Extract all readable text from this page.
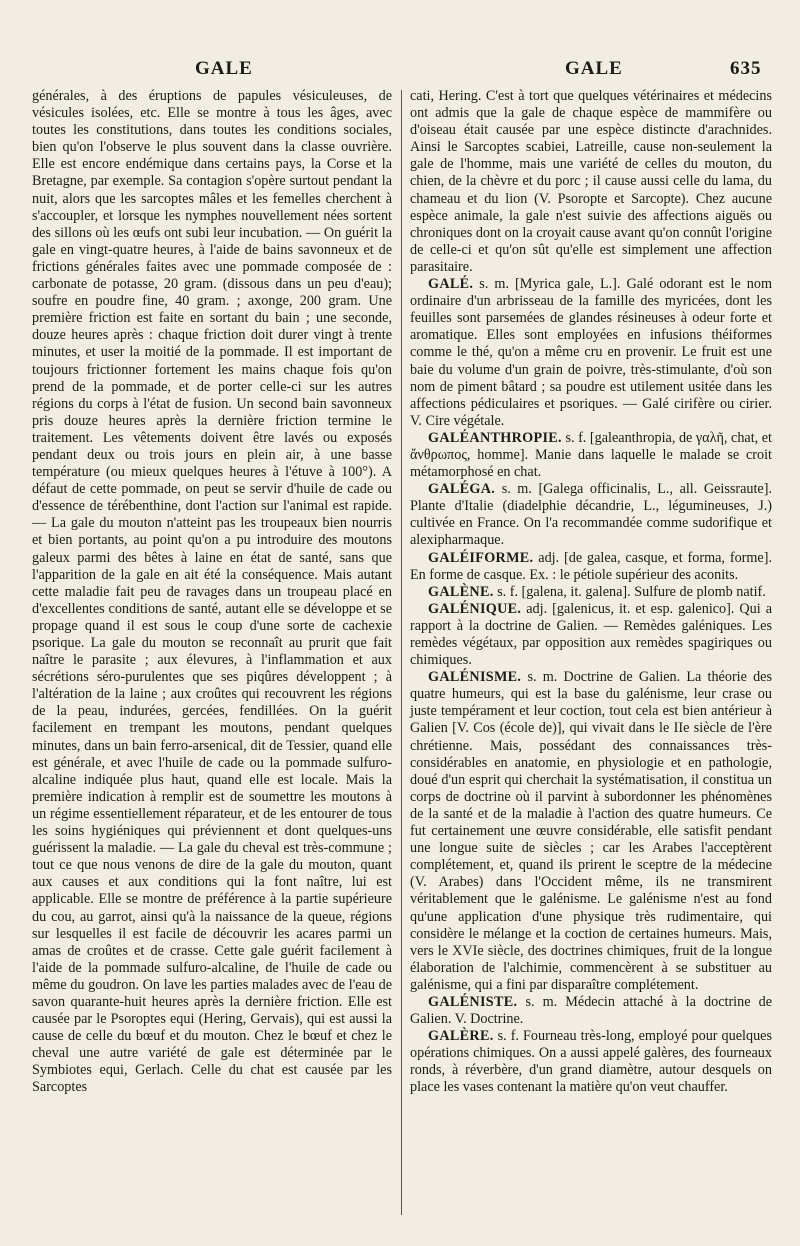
GALE	GALE	635

générales, à des éruptions de papules vésiculeuses, de vésicules isolées, etc. Elle se montre à tous les âges, avec toutes les constitutions, dans toutes les conditions sociales, bien qu'on l'observe le plus souvent dans la classe ouvrière. Elle est encore endémique dans certains pays, la Corse et la Bretagne, par exemple. Sa contagion s'opère surtout pendant la nuit, alors que les sarcoptes mâles et les femelles cherchent à s'accoupler, et lorsque les nymphes nouvellement nées sortent des sillons où les œufs ont subi leur incubation. — On guérit la gale en vingt-quatre heures, à l'aide de bains savonneux et de frictions générales faites avec une pommade composée de : carbonate de potasse, 20 gram. (dissous dans un peu d'eau); soufre en poudre fine, 40 gram. ; axonge, 200 gram. Une première friction est faite en sortant du bain ; une seconde, douze heures après : chaque friction doit durer vingt à trente minutes, et user la moitié de la pommade. Il est important de toujours frictionner fortement les mains chaque fois qu'on prend de la pommade, et de porter celle-ci sur les autres régions du corps à l'état de fusion. Un second bain savonneux pris douze heures après la dernière friction termine le traitement. Les vêtements doivent être lavés ou exposés pendant deux ou trois jours en plein air, à une basse température (ou mieux quelques heures à l'étuve à 100°). A défaut de cette pommade, on peut se servir d'huile de cade ou d'essence de térébenthine, dont l'action sur l'animal est rapide. — La gale du mouton n'atteint pas les troupeaux bien nourris et bien portants, au point qu'on a pu introduire des moutons galeux parmi des bêtes à laine en état de santé, sans que l'apparition de la gale en ait été la conséquence. Mais autant cette maladie fait peu de ravages dans un troupeau placé en d'excellentes conditions de santé, autant elle se développe et se propage quand il est sous le coup d'une sorte de cachexie psorique. La gale du mouton se reconnaît au prurit que fait naître le parasite ; aux élevures, à l'inflammation et aux sécrétions séro-purulentes que ses piqûres développent ; à l'altération de la laine ; aux croûtes qui recouvrent les régions de la peau, indurées, gercées, fendillées. On la guérit facilement en trempant les moutons, pendant quelques minutes, dans un bain ferro-arsenical, dit de Tessier, quand elle est générale, et avec l'huile de cade ou la pommade sulfuro-alcaline indiquée plus haut, quand elle est locale. Mais la première indication à remplir est de soumettre les moutons à un régime essentiellement réparateur, et de les entourer de tous les soins hygiéniques qui préviennent et dont quelques-uns guérissent la maladie. — La gale du cheval est très-commune ; tout ce que nous venons de dire de la gale du mouton, quant aux causes et aux conditions qui la font naître, lui est applicable. Elle se montre de préférence à la partie supérieure du cou, au garrot, ainsi qu'à la naissance de la queue, régions sur lesquelles il est facile de découvrir les acares parmi un amas de croûtes et de crasse. Cette gale guérit facilement à l'aide de la pommade sulfuro-alcaline, de l'huile de cade ou même du goudron. On lave les parties malades avec de l'eau de savon quarante-huit heures après la dernière friction. Elle est causée par le Psoroptes equi (Hering, Gervais), qui est aussi la cause de celle du bœuf et du mouton. Chez le bœuf et chez le cheval une autre variété de gale est déterminée par le Symbiotes equi, Gerlach. Celle du chat est causée par les Sarcoptes

cati, Hering. C'est à tort que quelques vétérinaires et médecins ont admis que la gale de chaque espèce de mammifère ou d'oiseau était causée par une espèce distincte d'arachnides. Ainsi le Sarcoptes scabiei, Latreille, cause non-seulement la gale de l'homme, mais une variété de celles du mouton, du chien, de la chèvre et du porc ; il cause aussi celle du lama, du chameau et du lion (V. Psoropte et Sarcopte). Chez aucune espèce animale, la gale n'est suivie des affections aiguës ou chroniques dont on la croyait cause avant qu'on connût l'origine de celle-ci et qu'on sût qu'elle est simplement une affection parasitaire.

GALÉ. s. m. [Myrica gale, L.]. Galé odorant est le nom ordinaire d'un arbrisseau de la famille des myricées, dont les feuilles sont parsemées de glandes résineuses à odeur forte et aromatique. Elles sont employées en infusions théiformes comme le thé, qu'on a même cru en provenir. Le fruit est une baie du volume d'un grain de poivre, très-stimulante, d'où son nom de piment bâtard ; sa poudre est utilement usitée dans les affections pédiculaires et psoriques. — Galé cirifère ou cirier. V. Cire végétale.

GALÉANTHROPIE. s. f. [galeanthropia, de γαλῆ, chat, et ἄνθρωπος, homme]. Manie dans laquelle le malade se croit métamorphosé en chat.

GALÉGA. s. m. [Galega officinalis, L., all. Geissraute]. Plante d'Italie (diadelphie décandrie, L., légumineuses, J.) cultivée en France. On l'a recommandée comme sudorifique et alexipharmaque.

GALÉIFORME. adj. [de galea, casque, et forma, forme]. En forme de casque. Ex. : le pétiole supérieur des aconits.

GALÈNE. s. f. [galena, it. galena]. Sulfure de plomb natif.

GALÉNIQUE. adj. [galenicus, it. et esp. galenico]. Qui a rapport à la doctrine de Galien. — Remèdes galéniques. Les remèdes végétaux, par opposition aux remèdes spagiriques ou chimiques.

GALÉNISME. s. m. Doctrine de Galien. La théorie des quatre humeurs, qui est la base du galénisme, leur crase ou juste tempérament et leur coction, tout cela est bien antérieur à Galien [V. Cos (école de)], qui vivait dans le IIe siècle de l'ère chrétienne. Mais, possédant des connaissances très-considérables en anatomie, en physiologie et en pathologie, doué d'un esprit qui cherchait la systématisation, il constitua un corps de doctrine où il parvint à subordonner les phénomènes de la santé et de la maladie à l'action des quatre humeurs. Ce fut certainement une œuvre considérable, elle satisfit pendant une longue suite de siècles ; car les Arabes l'acceptèrent complétement, et, quand ils prirent le sceptre de la médecine (V. Arabes) dans l'Occident même, ils ne transmirent véritablement que le galénisme. Le galénisme n'est au fond qu'une application d'une physique très rudimentaire, qui considère le mélange et la coction de certaines humeurs. Mais, vers le XVIe siècle, des doctrines chimiques, fruit de la longue élaboration de l'alchimie, commencèrent à se substituer au galénisme, qui a fini par disparaître complétement.

GALÉNISTE. s. m. Médecin attaché à la doctrine de Galien. V. Doctrine.

GALÈRE. s. f. Fourneau très-long, employé pour quelques opérations chimiques. On a aussi appelé galères, des fourneaux ronds, à réverbère, d'un grand diamètre, autour desquels on place les vases contenant la matière qu'on veut chauffer.
